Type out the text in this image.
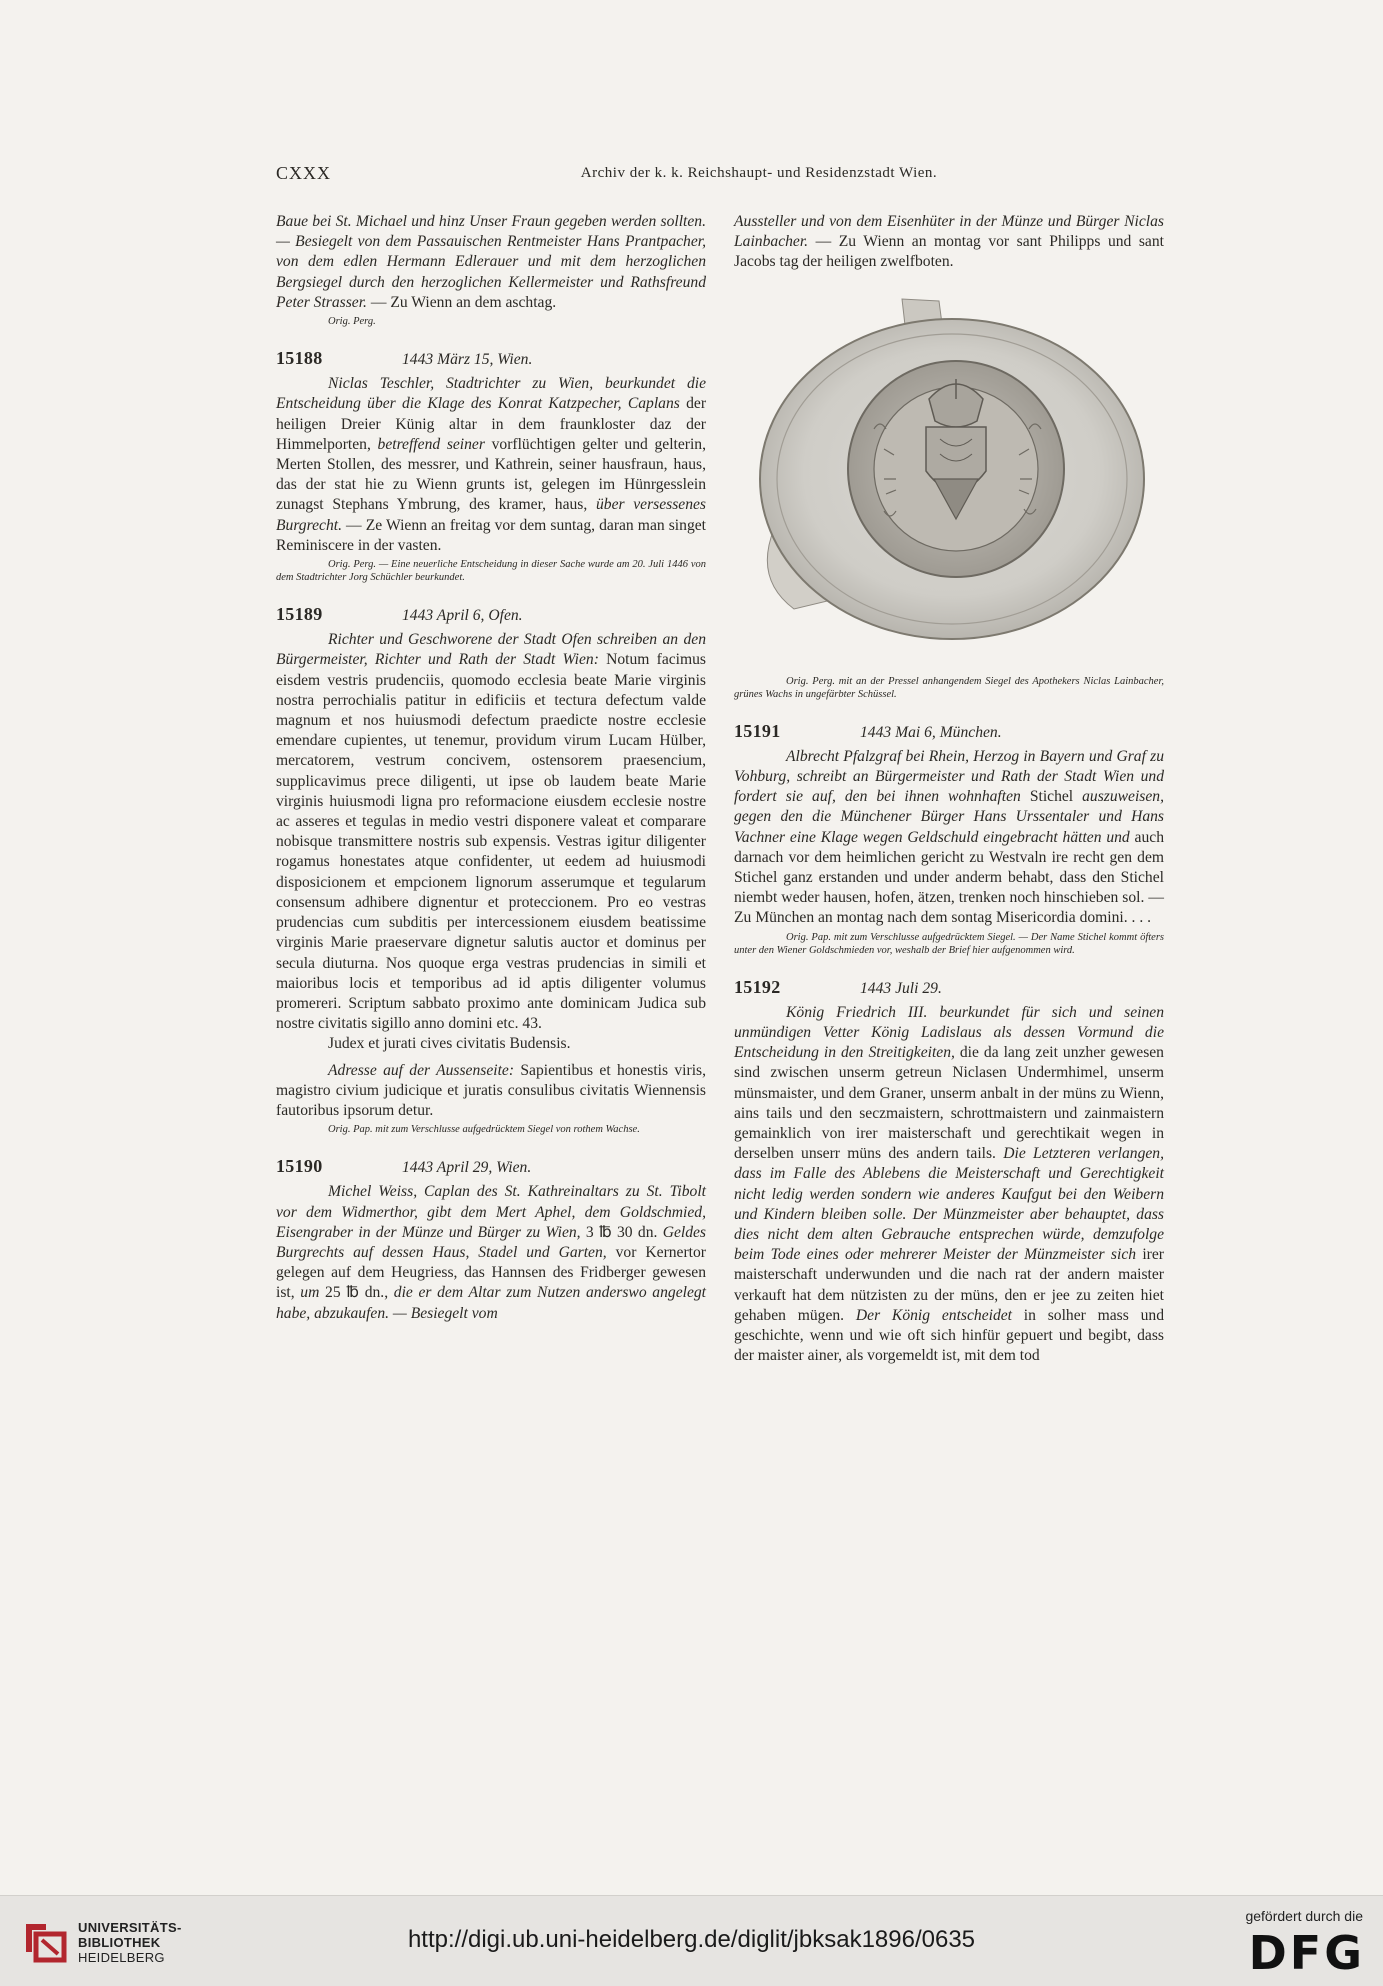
CXXX	Archiv der k. k. Reichshaupt- und Residenzstadt Wien.

Baue bei St. Michael und hinz Unser Fraun gegeben werden sollten. — Besiegelt von dem Passauischen Rentmeister Hans Prantpacher, von dem edlen Hermann Edlerauer und mit dem herzoglichen Bergsiegel durch den herzoglichen Kellermeister und Rathsfreund Peter Strasser. — Zu Wienn an dem aschtag.

Orig. Perg.

15188	1443 März 15, Wien.

Niclas Teschler, Stadtrichter zu Wien, beurkundet die Entscheidung über die Klage des Konrat Katzpecher, Caplans der heiligen Dreier Künig altar in dem fraunkloster daz der Himmelporten, betreffend seiner vorflüchtigen gelter und gelterin, Merten Stollen, des messrer, und Kathrein, seiner hausfraun, haus, das der stat hie zu Wienn grunts ist, gelegen im Hünrgesslein zunagst Stephans Ymbrung, des kramer, haus, über versessenes Burgrecht. — Ze Wienn an freitag vor dem suntag, daran man singet Reminiscere in der vasten.

Orig. Perg. — Eine neuerliche Entscheidung in dieser Sache wurde am 20. Juli 1446 von dem Stadtrichter Jorg Schüchler beurkundet.

15189	1443 April 6, Ofen.

Richter und Geschworene der Stadt Ofen schreiben an den Bürgermeister, Richter und Rath der Stadt Wien: Notum facimus eisdem vestris prudenciis, quomodo ecclesia beate Marie virginis nostra perrochialis patitur in edificiis et tectura defectum valde magnum et nos huiusmodi defectum praedicte nostre ecclesie emendare cupientes, ut tenemur, providum virum Lucam Hülber, mercatorem, vestrum concivem, ostensorem praesencium, supplicavimus prece diligenti, ut ipse ob laudem beate Marie virginis huiusmodi ligna pro reformacione eiusdem ecclesie nostre ac asseres et tegulas in medio vestri disponere valeat et comparare nobisque transmittere nostris sub expensis. Vestras igitur diligenter rogamus honestates atque confidenter, ut eedem ad huiusmodi disposicionem et empcionem lignorum asserumque et tegularum consensum adhibere dignentur et proteccionem. Pro eo vestras prudencias cum subditis per intercessionem eiusdem beatissime virginis Marie praeservare dignetur salutis auctor et dominus per secula diuturna. Nos quoque erga vestras prudencias in simili et maioribus locis et temporibus ad id aptis diligenter volumus promereri. Scriptum sabbato proximo ante dominicam Judica sub nostre civitatis sigillo anno domini etc. 43.

Judex et jurati cives civitatis Budensis.

Adresse auf der Aussenseite: Sapientibus et honestis viris, magistro civium judicique et juratis consulibus civitatis Wiennensis fautoribus ipsorum detur.

Orig. Pap. mit zum Verschlusse aufgedrücktem Siegel von rothem Wachse.

15190	1443 April 29, Wien.

Michel Weiss, Caplan des St. Kathreinaltars zu St. Tibolt vor dem Widmerthor, gibt dem Mert Aphel, dem Goldschmied, Eisengraber in der Münze und Bürger zu Wien, 3 ℔ 30 dn. Geldes Burgrechts auf dessen Haus, Stadel und Garten, vor Kernertor gelegen auf dem Heugriess, das Hannsen des Fridberger gewesen ist, um 25 ℔ dn., die er dem Altar zum Nutzen anderswo angelegt habe, abzukaufen. — Besiegelt vom

Aussteller und von dem Eisenhüter in der Münze und Bürger Niclas Lainbacher. — Zu Wienn an montag vor sant Philipps und sant Jacobs tag der heiligen zwelfboten.

Orig. Perg. mit an der Pressel anhangendem Siegel des Apothekers Niclas Lainbacher, grünes Wachs in ungefärbter Schüssel.

15191	1443 Mai 6, München.

Albrecht Pfalzgraf bei Rhein, Herzog in Bayern und Graf zu Vohburg, schreibt an Bürgermeister und Rath der Stadt Wien und fordert sie auf, den bei ihnen wohnhaften Stichel auszuweisen, gegen den die Münchener Bürger Hans Urssentaler und Hans Vachner eine Klage wegen Geldschuld eingebracht hätten und auch darnach vor dem heimlichen gericht zu Westvaln ire recht gen dem Stichel ganz erstanden und under anderm behabt, dass den Stichel niembt weder hausen, hofen, ätzen, trenken noch hinschieben sol. — Zu München an montag nach dem sontag Misericordia domini. . . .

Orig. Pap. mit zum Verschlusse aufgedrücktem Siegel. — Der Name Stichel kommt öfters unter den Wiener Goldschmieden vor, weshalb der Brief hier aufgenommen wird.

15192	1443 Juli 29.

König Friedrich III. beurkundet für sich und seinen unmündigen Vetter König Ladislaus als dessen Vormund die Entscheidung in den Streitigkeiten, die da lang zeit unzher gewesen sind zwischen unserm getreun Niclasen Undermhimel, unserm münsmaister, und dem Graner, unserm anbalt in der müns zu Wienn, ains tails und den seczmaistern, schrottmaistern und zainmaistern gemainklich von irer maisterschaft und gerechtikait wegen in derselben unserr müns des andern tails. Die Letzteren verlangen, dass im Falle des Ablebens die Meisterschaft und Gerechtigkeit nicht ledig werden sondern wie anderes Kaufgut bei den Weibern und Kindern bleiben solle. Der Münzmeister aber behauptet, dass dies nicht dem alten Gebrauche entsprechen würde, demzufolge beim Tode eines oder mehrerer Meister der Münzmeister sich irer maisterschaft underwunden und die nach rat der andern maister verkauft hat dem nützisten zu der müns, den er jee zu zeiten hiet gehaben mügen. Der König entscheidet in solher mass und geschichte, wenn und wie oft sich hinfür gepuert und begibt, dass der maister ainer, als vorgemeldt ist, mit dem tod

UNIVERSITÄTS-
BIBLIOTHEK
HEIDELBERG
http://digi.ub.uni-heidelberg.de/diglit/jbksak1896/0635
gefördert durch die
DFG
